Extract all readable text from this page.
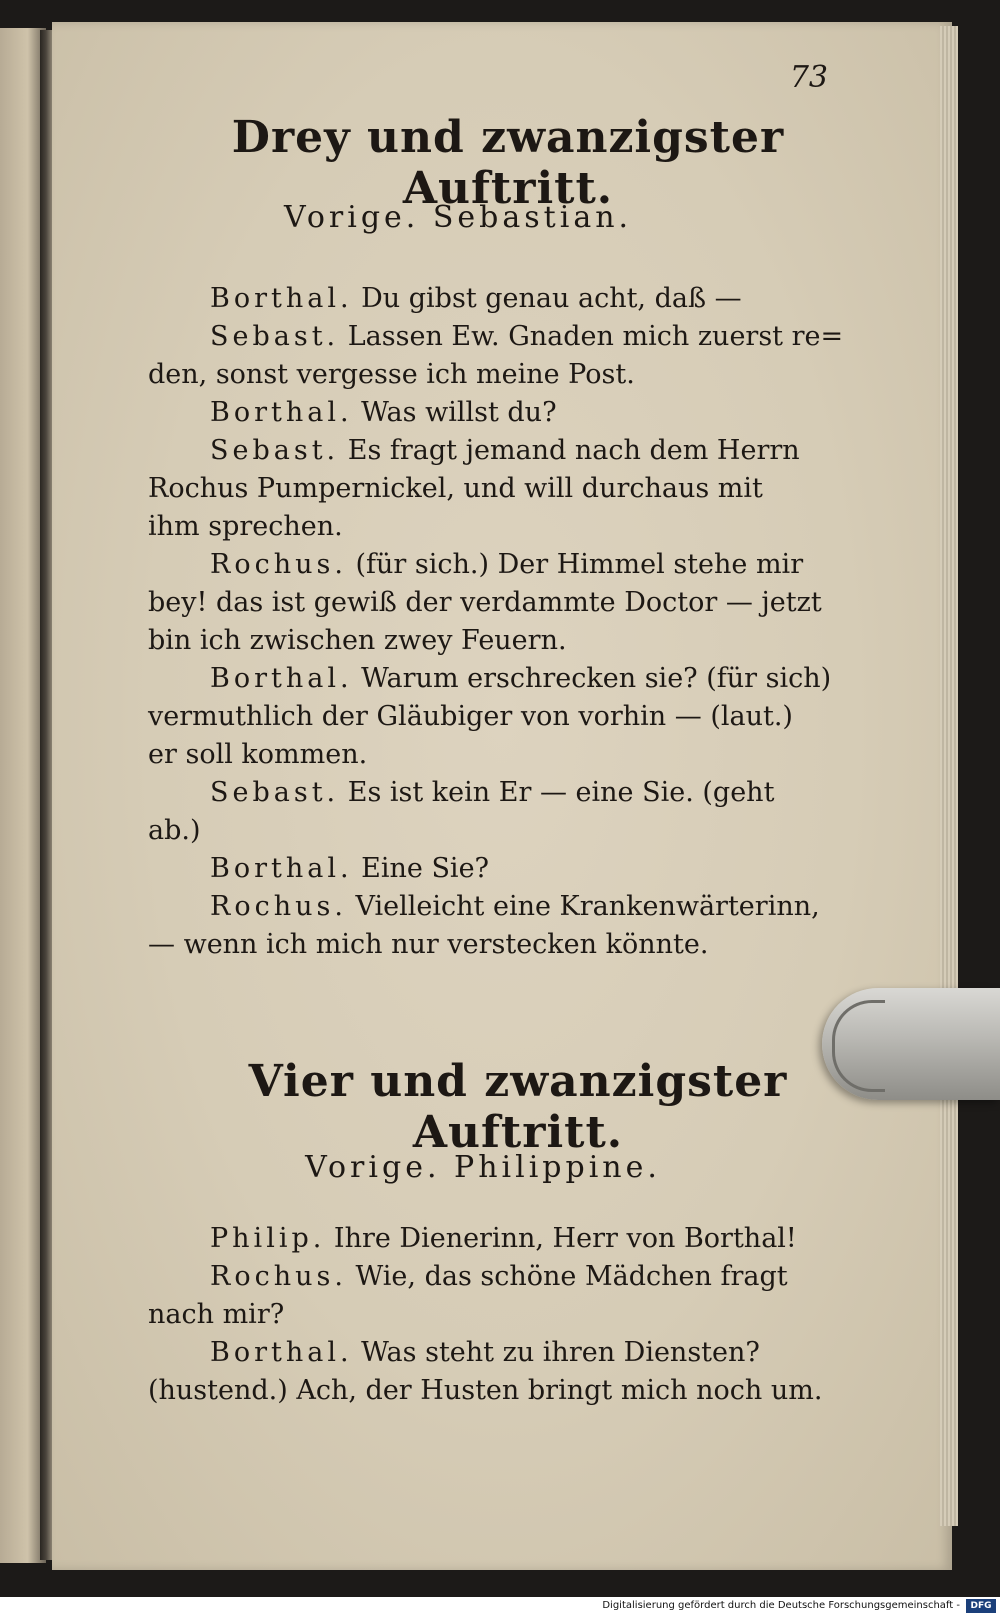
73
Drey und zwanzigster Auftritt.

Vorige. Sebastian.

Borthal. Du gibst genau acht, daß —
Sebast. Lassen Ew. Gnaden mich zuerst re=
den, sonst vergesse ich meine Post.
Borthal. Was willst du?
Sebast. Es fragt jemand nach dem Herrn
Rochus Pumpernickel, und will durchaus mit
ihm sprechen.
Rochus. (für sich.) Der Himmel stehe mir
bey! das ist gewiß der verdammte Doctor — jetzt
bin ich zwischen zwey Feuern.
Borthal. Warum erschrecken sie? (für sich)
vermuthlich der Gläubiger von vorhin — (laut.)
er soll kommen.
Sebast. Es ist kein Er — eine Sie. (geht
ab.)
Borthal. Eine Sie?
Rochus. Vielleicht eine Krankenwärterinn,
— wenn ich mich nur verstecken könnte.
Vier und zwanzigster Auftritt.

Vorige. Philippine.

Philip. Ihre Dienerinn, Herr von Borthal!
Rochus. Wie, das schöne Mädchen fragt
nach mir?
Borthal. Was steht zu ihren Diensten?
(hustend.) Ach, der Husten bringt mich noch um.
Digitalisierung gefördert durch die Deutsche Forschungsgemeinschaft -	DFG
